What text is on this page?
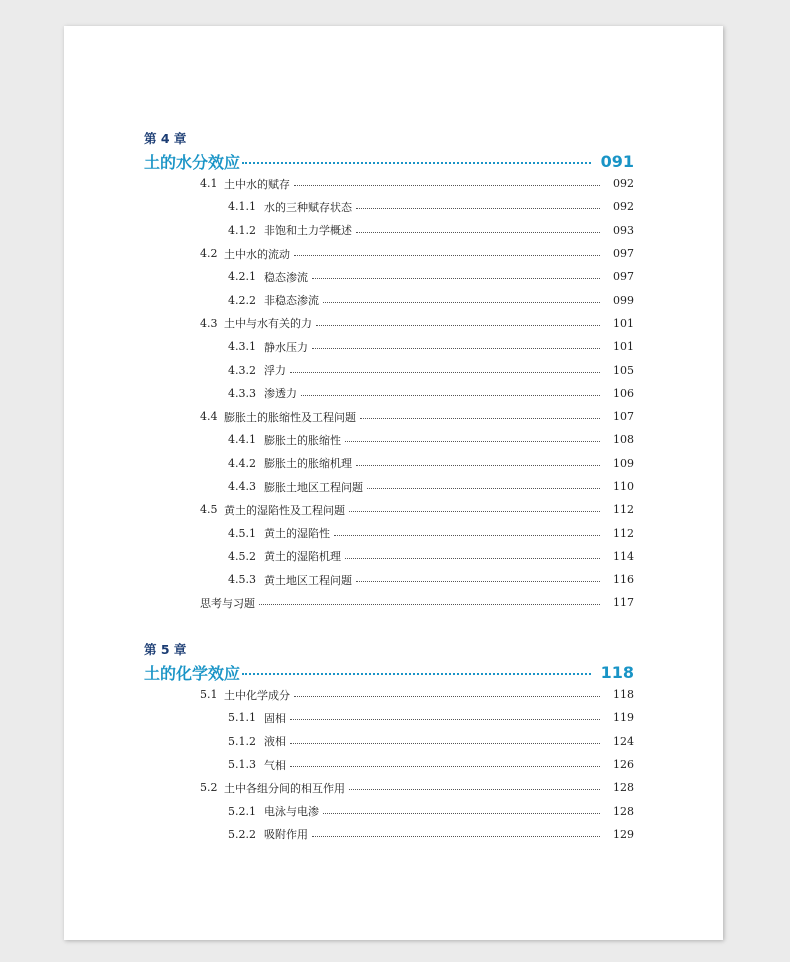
第 4 章
土的水分效应	091
4.1 土中水的赋存	092
4.1.1 水的三种赋存状态	092
4.1.2 非饱和土力学概述	093
4.2 土中水的流动	097
4.2.1 稳态渗流	097
4.2.2 非稳态渗流	099
4.3 土中与水有关的力	101
4.3.1 静水压力	101
4.3.2 浮力	105
4.3.3 渗透力	106
4.4 膨胀土的胀缩性及工程问题	107
4.4.1 膨胀土的胀缩性	108
4.4.2 膨胀土的胀缩机理	109
4.4.3 膨胀土地区工程问题	110
4.5 黄土的湿陷性及工程问题	112
4.5.1 黄土的湿陷性	112
4.5.2 黄土的湿陷机理	114
4.5.3 黄土地区工程问题	116
思考与习题	117
第 5 章
土的化学效应	118
5.1 土中化学成分	118
5.1.1 固相	119
5.1.2 液相	124
5.1.3 气相	126
5.2 土中各组分间的相互作用	128
5.2.1 电泳与电渗	128
5.2.2 吸附作用	129
